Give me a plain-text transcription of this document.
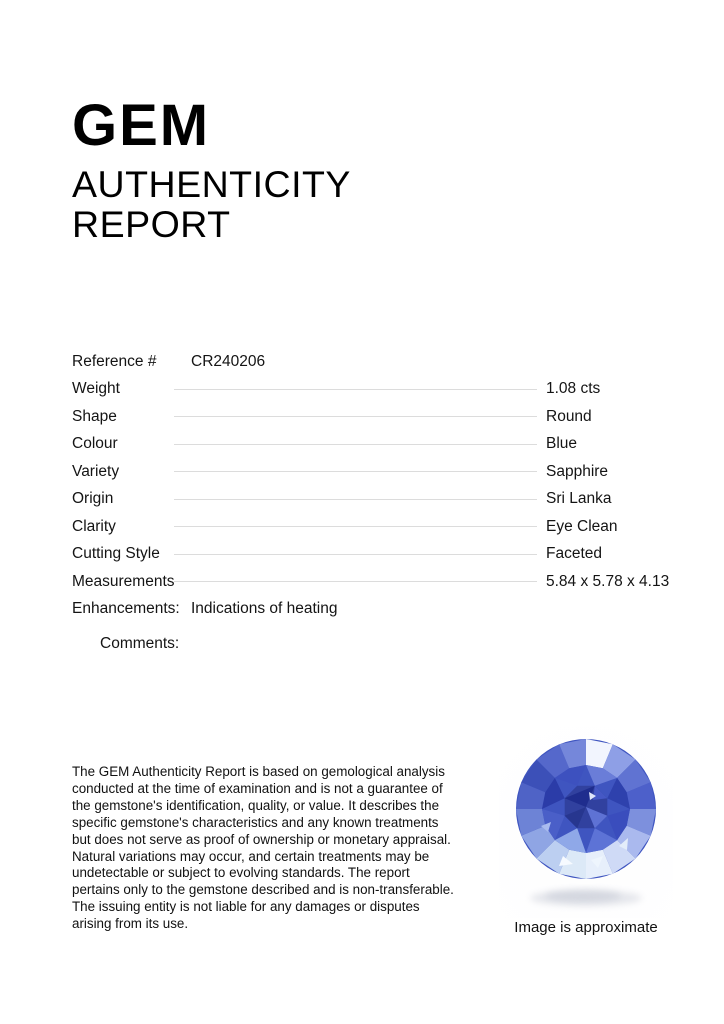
GEM
AUTHENTICITY
REPORT
Reference # CR240206
Weight	1.08 cts
Shape	Round
Colour	Blue
Variety	Sapphire
Origin	Sri Lanka
Clarity	Eye Clean
Cutting Style	Faceted
Measurements	5.84 x 5.78 x 4.13
Enhancements: Indications of heating
Comments:

The GEM Authenticity Report is based on gemological analysis conducted at the time of examination and is not a guarantee of the gemstone's identification, quality, or value. It describes the specific gemstone's characteristics and any known treatments but does not serve as proof of ownership or monetary appraisal. Natural variations may occur, and certain treatments may be undetectable or subject to evolving standards. The report pertains only to the gemstone described and is non-transferable. The issuing entity is not liable for any damages or disputes arising from its use.	Image is approximate
